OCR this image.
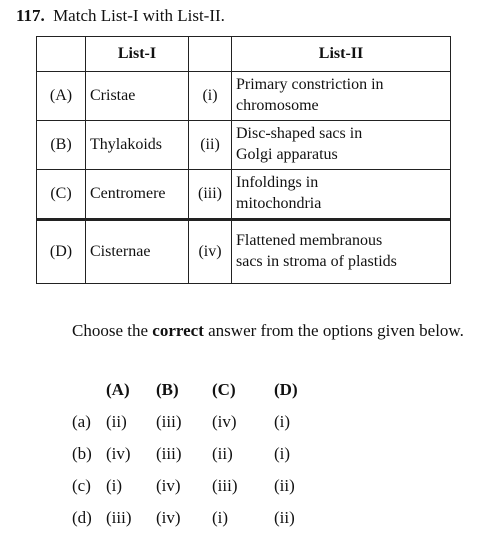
117. Match List-I with List-II.
	List-I		List-II
(A)	Cristae	(i)	Primary constriction in
chromosome
(B)	Thylakoids	(ii)	Disc-shaped sacs in
Golgi apparatus
(C)	Centromere	(iii)	Infoldings in
mitochondria
(D)	Cisternae	(iv)	Flattened membranous
sacs in stroma of plastids
Choose the correct answer from the options given below.
(A)	(B)	(C)	(D)
(a) (ii)	(iii)	(iv)	(i)
(b) (iv)	(iii)	(ii)	(i)
(c) (i)	(iv)	(iii)	(ii)
(d) (iii)	(iv)	(i)	(ii)
